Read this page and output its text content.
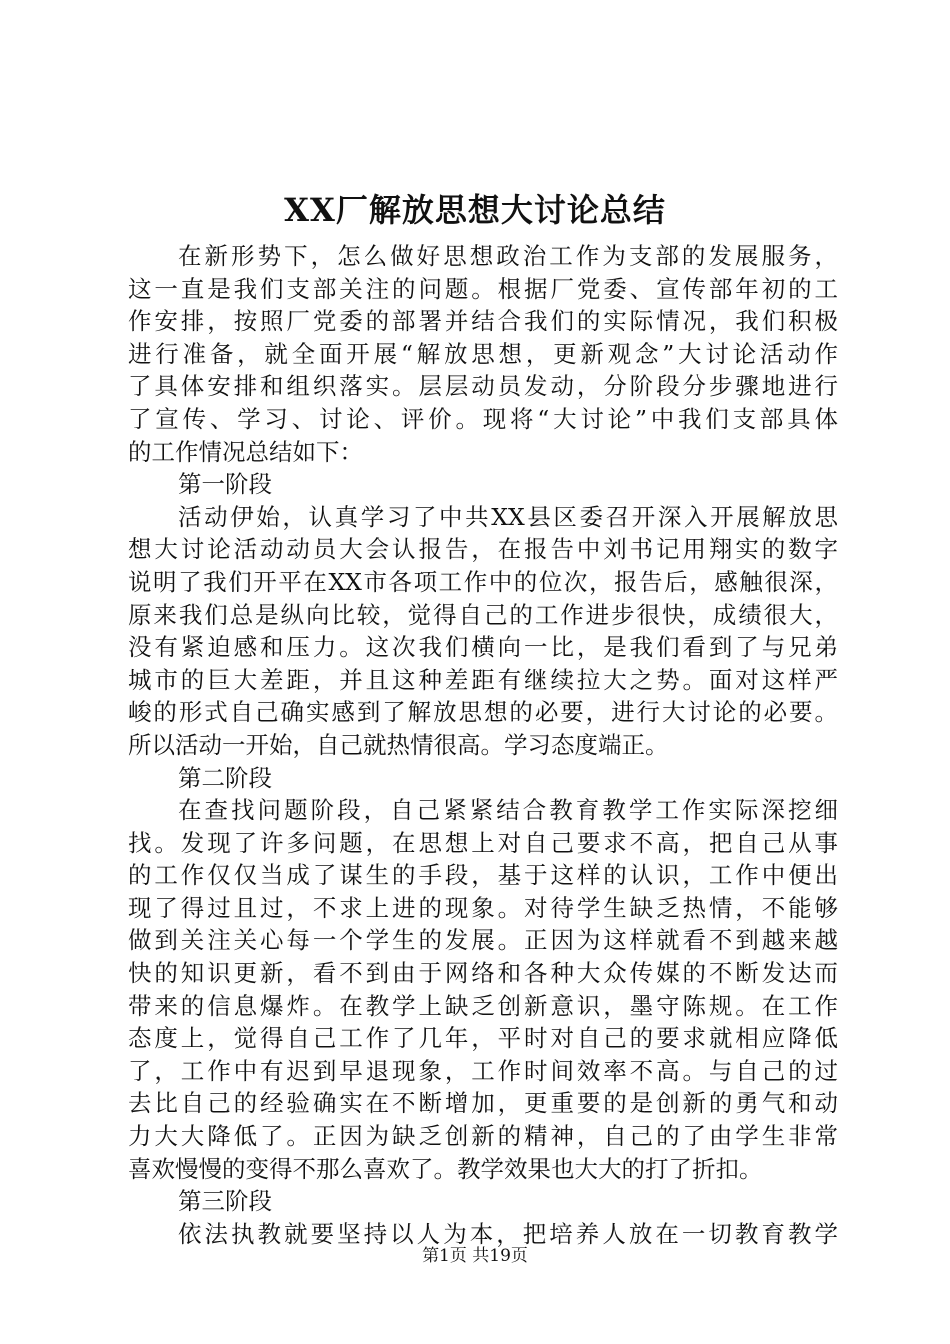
XX厂解放思想大讨论总结
在新形势下，怎么做好思想政治工作为支部的发展服务，
这一直是我们支部关注的问题。根据厂党委、宣传部年初的工
作安排，按照厂党委的部署并结合我们的实际情况，我们积极
进行准备，就全面开展“解放思想，更新观念”大讨论活动作
了具体安排和组织落实。层层动员发动，分阶段分步骤地进行
了宣传、学习、讨论、评价。现将“大讨论”中我们支部具体
的工作情况总结如下：
第一阶段
活动伊始，认真学习了中共XX县区委召开深入开展解放思
想大讨论活动动员大会认报告，在报告中刘书记用翔实的数字
说明了我们开平在XX市各项工作中的位次，报告后，感触很深，
原来我们总是纵向比较，觉得自己的工作进步很快，成绩很大，
没有紧迫感和压力。这次我们横向一比，是我们看到了与兄弟
城市的巨大差距，并且这种差距有继续拉大之势。面对这样严
峻的形式自己确实感到了解放思想的必要，进行大讨论的必要。
所以活动一开始，自己就热情很高。学习态度端正。
第二阶段
在查找问题阶段，自己紧紧结合教育教学工作实际深挖细
找。发现了许多问题，在思想上对自己要求不高，把自己从事
的工作仅仅当成了谋生的手段，基于这样的认识，工作中便出
现了得过且过，不求上进的现象。对待学生缺乏热情，不能够
做到关注关心每一个学生的发展。正因为这样就看不到越来越
快的知识更新，看不到由于网络和各种大众传媒的不断发达而
带来的信息爆炸。在教学上缺乏创新意识，墨守陈规。在工作
态度上，觉得自己工作了几年，平时对自己的要求就相应降低
了，工作中有迟到早退现象，工作时间效率不高。与自己的过
去比自己的经验确实在不断增加，更重要的是创新的勇气和动
力大大降低了。正因为缺乏创新的精神，自己的了由学生非常
喜欢慢慢的变得不那么喜欢了。教学效果也大大的打了折扣。
第三阶段
依法执教就要坚持以人为本，把培养人放在一切教育教学
第1页 共19页
